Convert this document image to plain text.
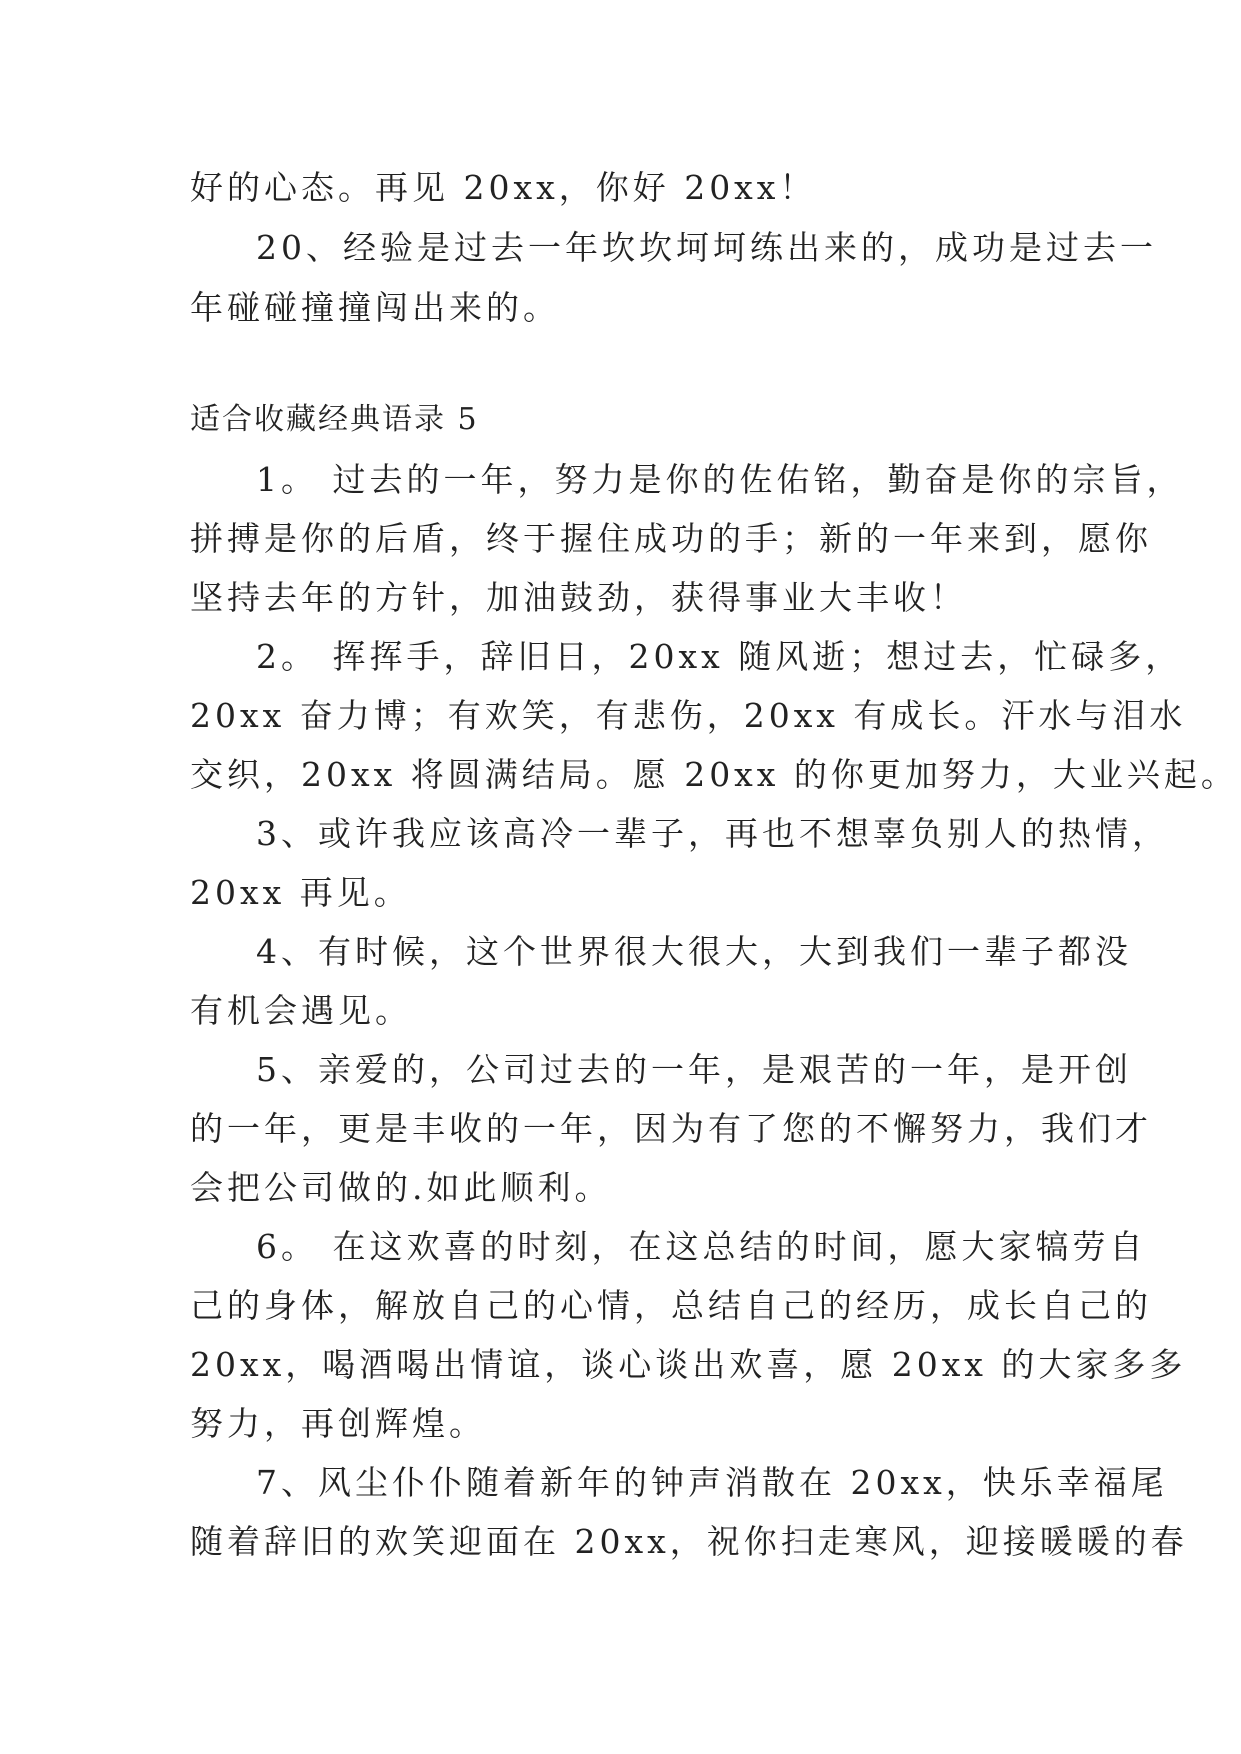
好的心态。再见 20xx，你好 20xx！
20、经验是过去一年坎坎坷坷练出来的，成功是过去一
年碰碰撞撞闯出来的。
适合收藏经典语录 5
1。 过去的一年，努力是你的佐佑铭，勤奋是你的宗旨，
拼搏是你的后盾，终于握住成功的手；新的一年来到，愿你
坚持去年的方针，加油鼓劲，获得事业大丰收！
2。 挥挥手，辞旧日，20xx 随风逝；想过去，忙碌多，
20xx 奋力博；有欢笑，有悲伤，20xx 有成长。汗水与泪水
交织，20xx 将圆满结局。愿 20xx 的你更加努力，大业兴起。
3、或许我应该高冷一辈子，再也不想辜负别人的热情，
20xx 再见。
4、有时候，这个世界很大很大，大到我们一辈子都没
有机会遇见。
5、亲爱的，公司过去的一年，是艰苦的一年，是开创
的一年，更是丰收的一年，因为有了您的不懈努力，我们才
会把公司做的.如此顺利。
6。 在这欢喜的时刻，在这总结的时间，愿大家犒劳自
己的身体，解放自己的心情，总结自己的经历，成长自己的
20xx，喝酒喝出情谊，谈心谈出欢喜，愿 20xx 的大家多多
努力，再创辉煌。
7、风尘仆仆随着新年的钟声消散在 20xx，快乐幸福尾
随着辞旧的欢笑迎面在 20xx，祝你扫走寒风，迎接暖暖的春
